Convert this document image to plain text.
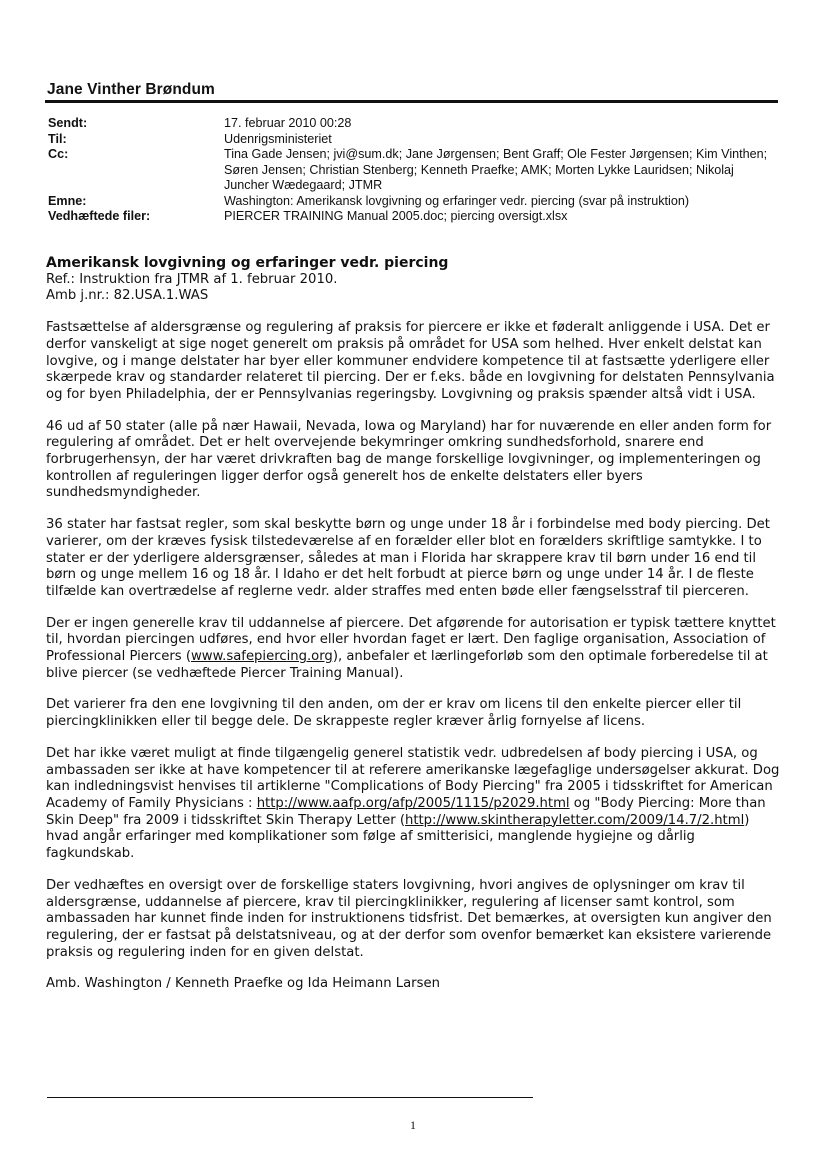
Jane Vinther Brøndum
Sendt:	17. februar 2010 00:28
Til:	Udenrigsministeriet
Cc:	Tina Gade Jensen; jvi@sum.dk; Jane Jørgensen; Bent Graff; Ole Fester Jørgensen; Kim Vinthen; Søren Jensen; Christian Stenberg; Kenneth Praefke; AMK; Morten Lykke Lauridsen; Nikolaj Juncher Wædegaard; JTMR
Emne:	Washington: Amerikansk lovgivning og erfaringer vedr. piercing (svar på instruktion)
Vedhæftede filer:	PIERCER TRAINING Manual 2005.doc; piercing oversigt.xlsx
Amerikansk lovgivning og erfaringer vedr. piercing
Ref.: Instruktion fra JTMR af 1. februar 2010.
Amb j.nr.: 82.USA.1.WAS

Fastsættelse af aldersgrænse og regulering af praksis for piercere er ikke et føderalt anliggende i USA. Det er derfor vanskeligt at sige noget generelt om praksis på området for USA som helhed. Hver enkelt delstat kan lovgive, og i mange delstater har byer eller kommuner endvidere kompetence til at fastsætte yderligere eller skærpede krav og standarder relateret til piercing. Der er f.eks. både en lovgivning for delstaten Pennsylvania og for byen Philadelphia, der er Pennsylvanias regeringsby. Lovgivning og praksis spænder altså vidt i USA.

46 ud af 50 stater (alle på nær Hawaii, Nevada, Iowa og Maryland) har for nuværende en eller anden form for regulering af området. Det er helt overvejende bekymringer omkring sundhedsforhold, snarere end forbrugerhensyn, der har været drivkraften bag de mange forskellige lovgivninger, og implementeringen og kontrollen af reguleringen ligger derfor også generelt hos de enkelte delstaters eller byers sundhedsmyndigheder.

36 stater har fastsat regler, som skal beskytte børn og unge under 18 år i forbindelse med body piercing. Det varierer, om der kræves fysisk tilstedeværelse af en forælder eller blot en forælders skriftlige samtykke. I to stater er der yderligere aldersgrænser, således at man i Florida har skrappere krav til børn under 16 end til børn og unge mellem 16 og 18 år. I Idaho er det helt forbudt at pierce børn og unge under 14 år. I de fleste tilfælde kan overtrædelse af reglerne vedr. alder straffes med enten bøde eller fængselsstraf til pierceren.

Der er ingen generelle krav til uddannelse af piercere. Det afgørende for autorisation er typisk tættere knyttet til, hvordan piercingen udføres, end hvor eller hvordan faget er lært. Den faglige organisation, Association of Professional Piercers (www.safepiercing.org), anbefaler et lærlingeforløb som den optimale forberedelse til at blive piercer (se vedhæftede Piercer Training Manual).

Det varierer fra den ene lovgivning til den anden, om der er krav om licens til den enkelte piercer eller til piercingklinikken eller til begge dele. De skrappeste regler kræver årlig fornyelse af licens.

Det har ikke været muligt at finde tilgængelig generel statistik vedr. udbredelsen af body piercing i USA, og ambassaden ser ikke at have kompetencer til at referere amerikanske lægefaglige undersøgelser akkurat. Dog kan indledningsvist henvises til artiklerne "Complications of Body Piercing" fra 2005 i tidsskriftet for American Academy of Family Physicians : http://www.aafp.org/afp/2005/1115/p2029.html og "Body Piercing: More than Skin Deep" fra 2009 i tidsskriftet Skin Therapy Letter (http://www.skintherapyletter.com/2009/14.7/2.html) hvad angår erfaringer med komplikationer som følge af smitterisici, manglende hygiejne og dårlig fagkundskab.

Der vedhæftes en oversigt over de forskellige staters lovgivning, hvori angives de oplysninger om krav til aldersgrænse, uddannelse af piercere, krav til piercingklinikker, regulering af licenser samt kontrol, som ambassaden har kunnet finde inden for instruktionens tidsfrist. Det bemærkes, at oversigten kun angiver den regulering, der er fastsat på delstatsniveau, og at der derfor som ovenfor bemærket kan eksistere varierende praksis og regulering inden for en given delstat.

Amb. Washington / Kenneth Praefke og Ida Heimann Larsen
1
